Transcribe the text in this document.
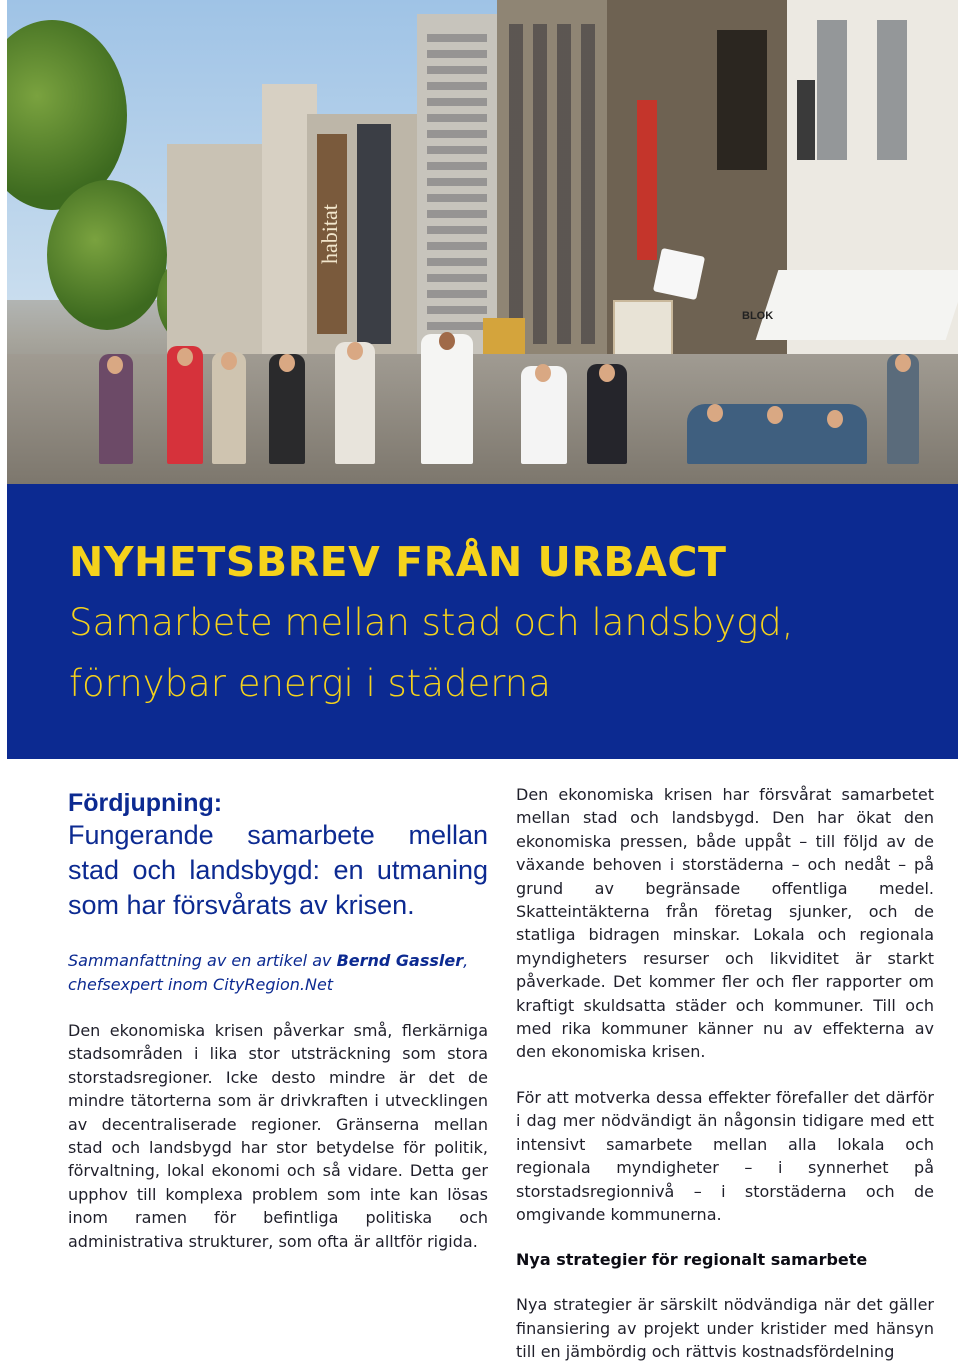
habitat
BLOK
NYHETSBREV FRÅN URBACT

Samarbete mellan stad och landsbygd, förnybar energi i städerna

Fördjupning:

Fungerande samarbete mellan stad och landsbygd: en utmaning som har försvårats av krisen.

Sammanfattning av en artikel av Bernd Gassler, chefsexpert inom CityRegion.Net

Den ekonomiska krisen påverkar små, flerkärniga stadsområden i lika stor utsträckning som stora storstadsregioner. Icke desto mindre är det de mindre tätorterna som är drivkraften i utvecklingen av decentraliserade regioner. Gränserna mellan stad och landsbygd har stor betydelse för politik, förvaltning, lokal ekonomi och så vidare. Detta ger upphov till komplexa problem som inte kan lösas inom ramen för befintliga politiska och administrativa strukturer, som ofta är alltför rigida.

Den ekonomiska krisen har försvårat samarbetet mellan stad och landsbygd. Den har ökat den ekonomiska pressen, både uppåt – till följd av de växande behoven i storstäderna – och nedåt – på grund av begränsade offentliga medel. Skatteintäkterna från företag sjunker, och de statliga bidragen minskar. Lokala och regionala myndigheters resurser och likviditet är starkt påverkade. Det kommer fler och fler rapporter om kraftigt skuldsatta städer och kommuner. Till och med rika kommuner känner nu av effekterna av den ekonomiska krisen.

För att motverka dessa effekter förefaller det därför i dag mer nödvändigt än någonsin tidigare med ett intensivt samarbete mellan alla lokala och regionala myndigheter – i synnerhet på storstadsregionnivå – i storstäderna och de omgivande kommunerna.

Nya strategier för regionalt samarbete

Nya strategier är särskilt nödvändiga när det gäller finansiering av projekt under kristider med hänsyn till en jämbördig och rättvis kostnadsfördelning
